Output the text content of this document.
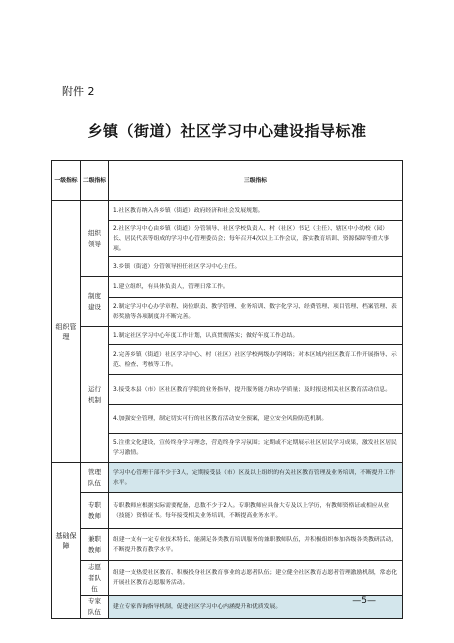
附件 2
乡镇（街道）社区学习中心建设指导标准
一级指标	二级指标	三级指标
组织管理	组织领导	1.社区教育纳入各乡镇（街道）政府经济和社会发展规划。
		2.社区学习中心由乡镇（街道）分管领导、社区学校负责人、村（社区）书记（主任）、辖区中小幼校（园）长、居民代表等组成的学习中心管理委员会；每年召开4次以上工作会议，落实教育培训、资源保障等重大事项。
		3.乡镇（街道）分管领导担任社区学习中心主任。
	制度建设	1.建立组织，有具体负责人，管理日常工作。
		2.制定学习中心办学章程、岗位职责、教学管理、业务培训、数字化学习、经费管理、项目管理、档案管理、表彰奖励等各项制度并不断完善。
	运行机制	1.制定社区学习中心年度工作计划，认真贯彻落实；做好年度工作总结。
		2.完善乡镇（街道）社区学习中心、村（社区）社区学校两级办学网络；对本区域内社区教育工作开展指导、示范、检查、考核等工作。
		3.接受本县（市）区社区教育学院的业务指导，提升服务能力和办学质量；及时报送相关社区教育活动信息。
		4.加强安全管理，制定切实可行的社区教育活动安全预案，建立安全风险防范机制。
		5.注重文化建设，宣传终身学习理念，营造终身学习氛围；定期或不定期展示社区居民学习成果，激发社区居民学习激情。
基础保障	管理队伍	学习中心管理干部不少于3人，定期接受县（市）区及以上组织的有关社区教育管理及业务培训，不断提升工作水平。
	专职教师	专职教师应根据实际需要配备，总数不少于2人。专职教师应具备大专及以上学历，有教师资格证或相应从业（技能）资格证书。每年接受相关业务培训，不断提高业务水平。
	兼职教师	组建一支有一定专业技术特长、能满足各类教育培训服务的兼职教师队伍，并积极组织参加各级各类教研活动，不断提升教育教学水平。
	志愿者队伍	组建一支热爱社区教育、积极投身社区教育事业的志愿者队伍；建立健全社区教育志愿者管理激励机制，常态化开展社区教育志愿服务活动。
	专家队伍	建立专家咨询指导机制，促进社区学习中心内涵提升和优质发展。
—5—
